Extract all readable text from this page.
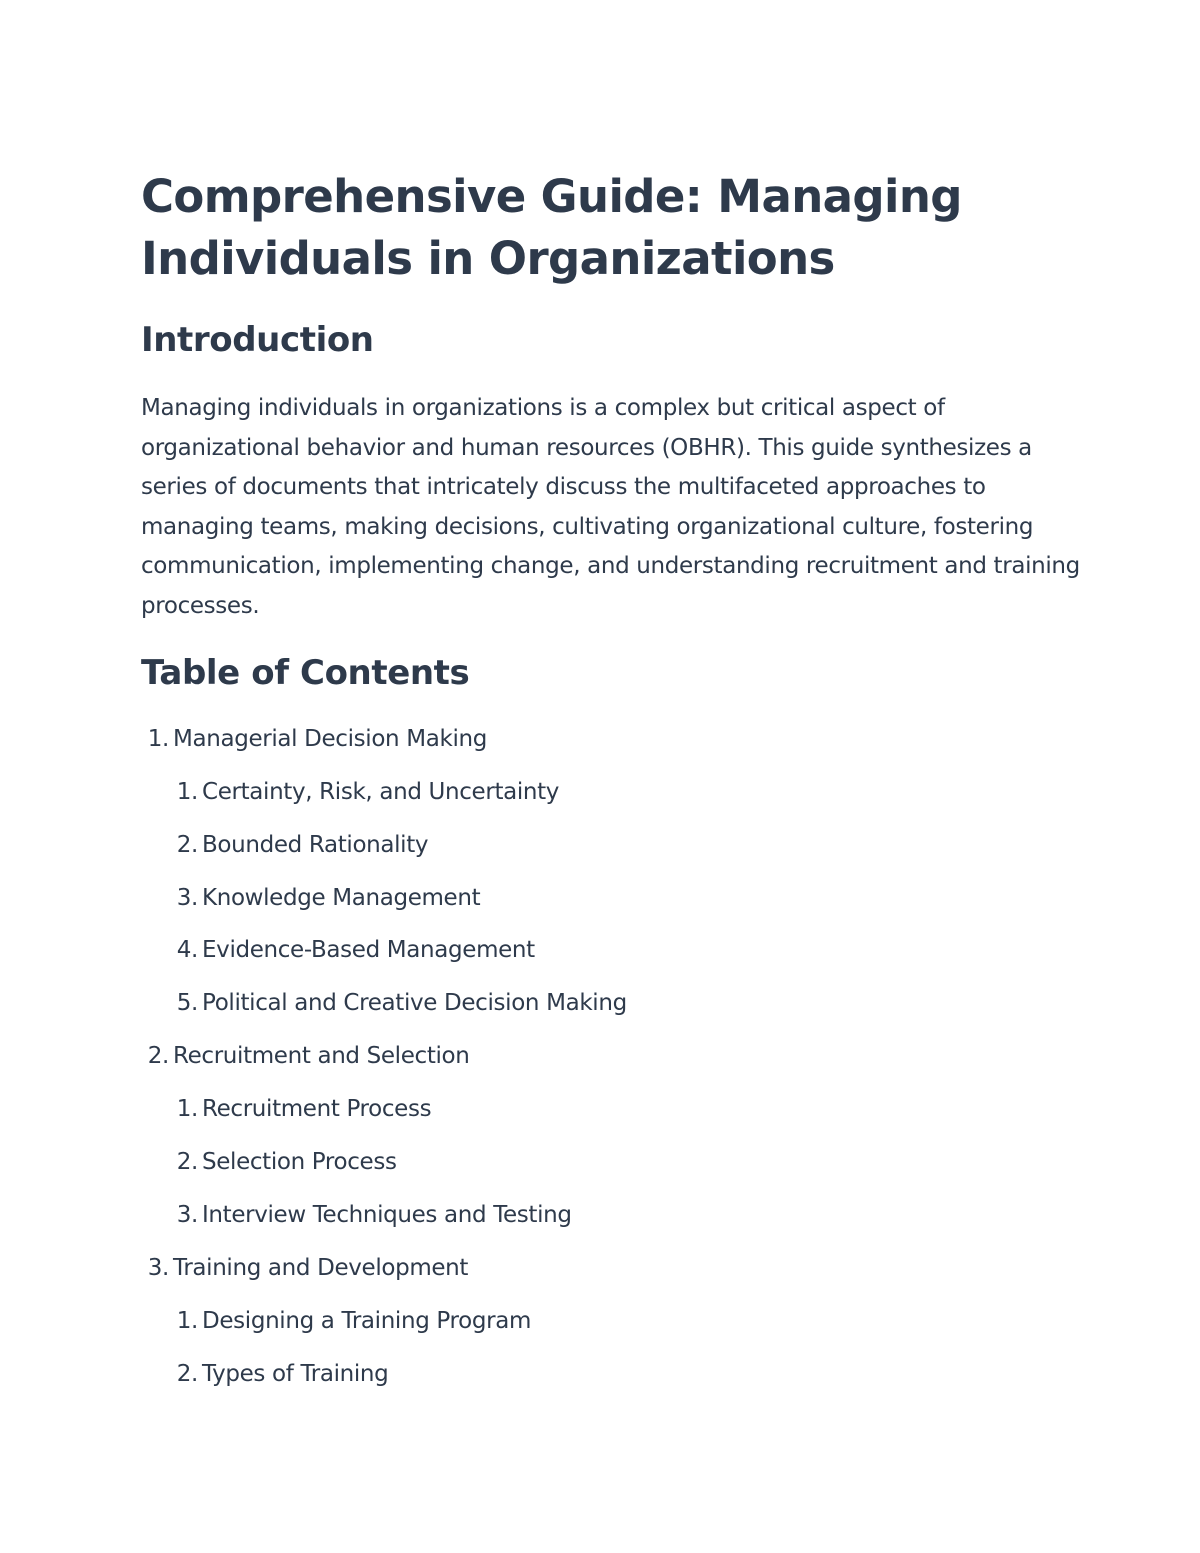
Comprehensive Guide: Managing Individuals in Organizations
Introduction

Managing individuals in organizations is a complex but critical aspect of organizational behavior and human resources (OBHR). This guide synthesizes a series of documents that intricately discuss the multifaceted approaches to managing teams, making decisions, cultivating organizational culture, fostering communication, implementing change, and understanding recruitment and training processes.

Table of Contents
1. Managerial Decision Making
1. Certainty, Risk, and Uncertainty
2. Bounded Rationality
3. Knowledge Management
4. Evidence-Based Management
5. Political and Creative Decision Making
2. Recruitment and Selection
1. Recruitment Process
2. Selection Process
3. Interview Techniques and Testing
3. Training and Development
1. Designing a Training Program
2. Types of Training
